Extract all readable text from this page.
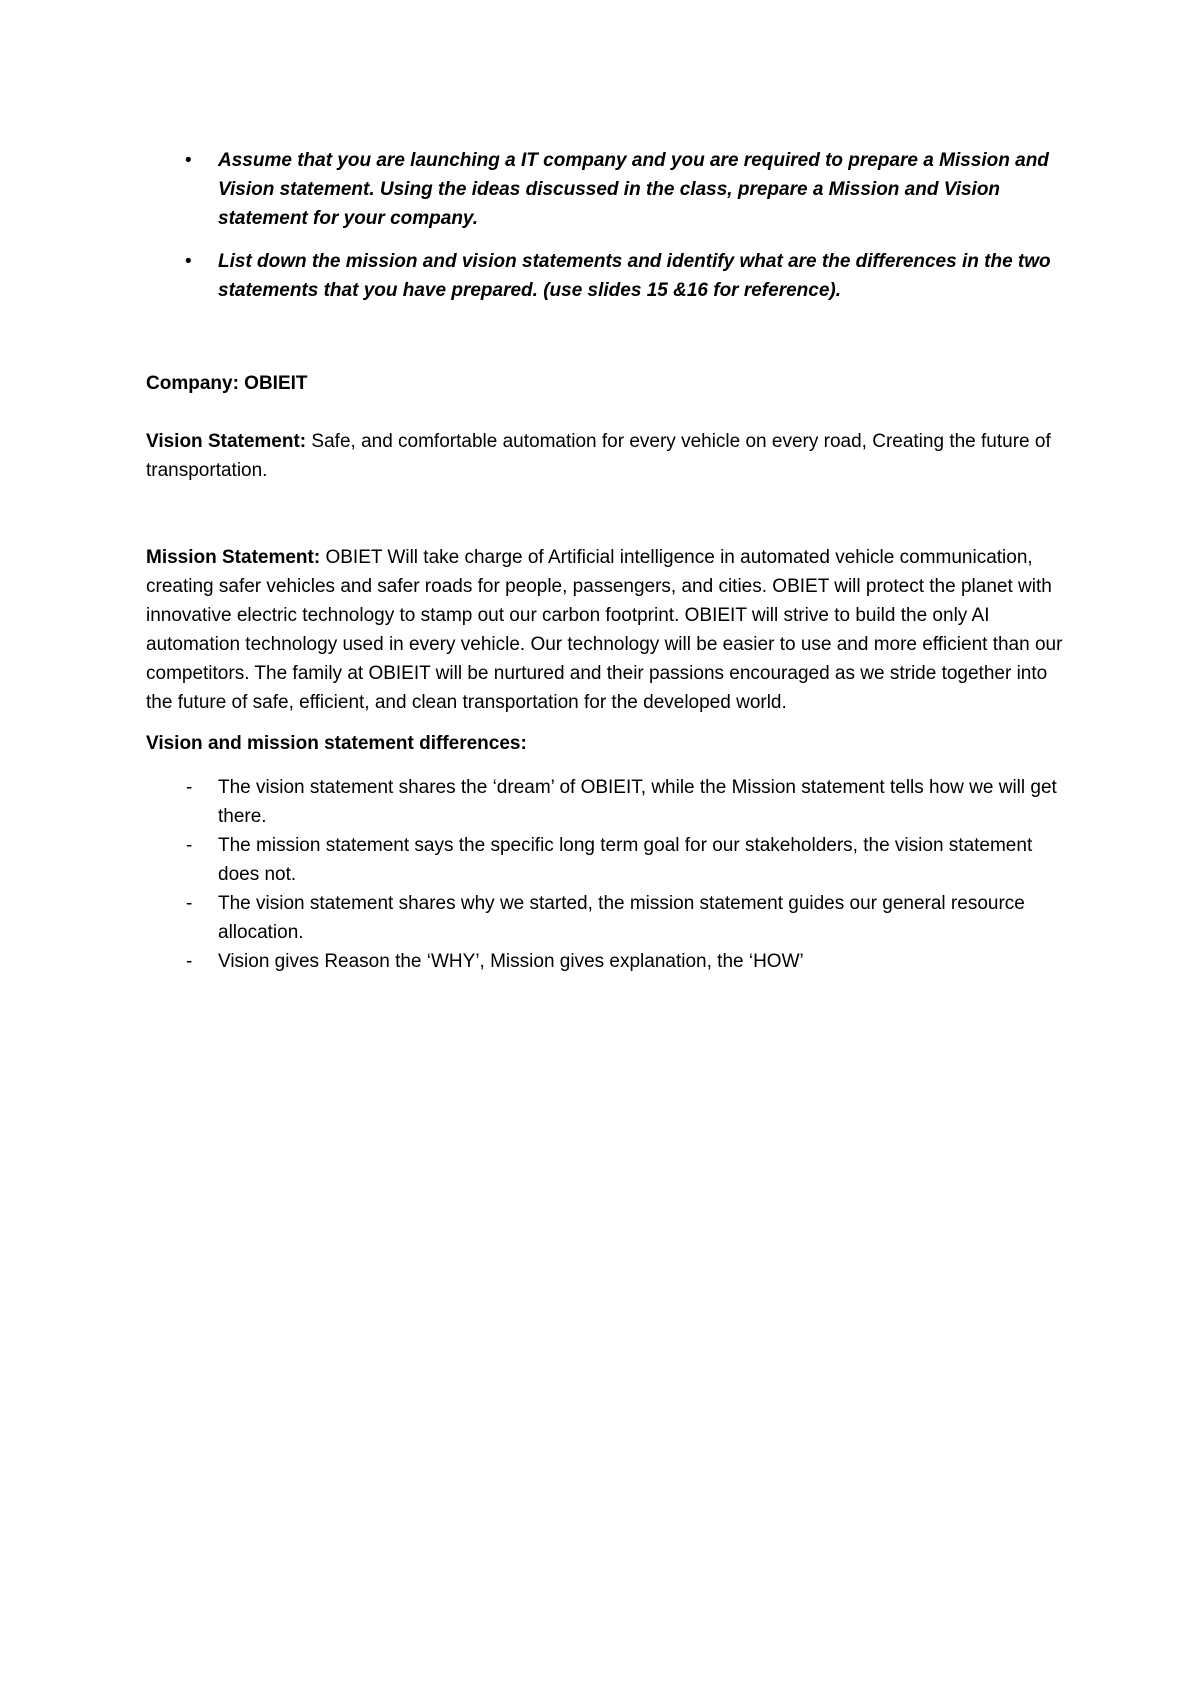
• Assume that you are launching a IT company and you are required to prepare a Mission and Vision statement. Using the ideas discussed in the class, prepare a Mission and Vision statement for your company.
• List down the mission and vision statements and identify what are the differences in the two statements that you have prepared. (use slides 15 &16 for reference).

Company: OBIEIT

Vision Statement: Safe, and comfortable automation for every vehicle on every road, Creating the future of transportation.

Mission Statement: OBIET Will take charge of Artificial intelligence in automated vehicle communication, creating safer vehicles and safer roads for people, passengers, and cities. OBIET will protect the planet with innovative electric technology to stamp out our carbon footprint. OBIEIT will strive to build the only AI automation technology used in every vehicle. Our technology will be easier to use and more efficient than our competitors. The family at OBIEIT will be nurtured and their passions encouraged as we stride together into the future of safe, efficient, and clean transportation for the developed world.

Vision and mission statement differences:

- The vision statement shares the ‘dream’ of OBIEIT, while the Mission statement tells how we will get there.
- The mission statement says the specific long term goal for our stakeholders, the vision statement does not.
- The vision statement shares why we started, the mission statement guides our general resource allocation.
- Vision gives Reason the ‘WHY’, Mission gives explanation, the ‘HOW’
